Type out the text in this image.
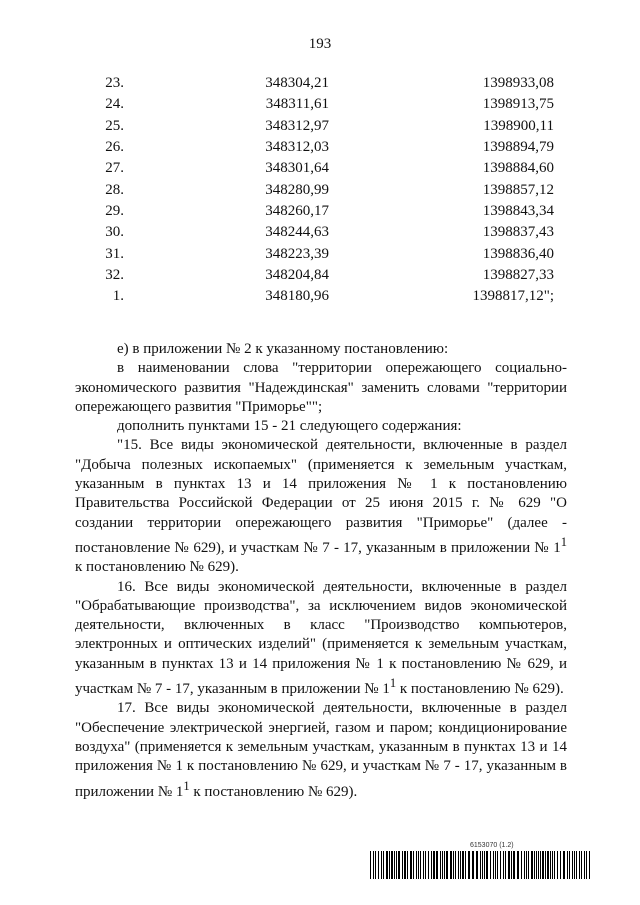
193
23.	348304,21	1398933,08
24.	348311,61	1398913,75
25.	348312,97	1398900,11
26.	348312,03	1398894,79
27.	348301,64	1398884,60
28.	348280,99	1398857,12
29.	348260,17	1398843,34
30.	348244,63	1398837,43
31.	348223,39	1398836,40
32.	348204,84	1398827,33
1.	348180,96	1398817,12";

е) в приложении № 2 к указанному постановлению:

в наименовании слова "территории опережающего социально-экономического развития "Надеждинская" заменить словами "территории опережающего развития "Приморье"";

дополнить пунктами 15 - 21 следующего содержания:

"15. Все виды экономической деятельности, включенные в раздел "Добыча полезных ископаемых" (применяется к земельным участкам, указанным в пунктах 13 и 14 приложения № 1 к постановлению Правительства Российской Федерации от 25 июня 2015 г. № 629 "О создании территории опережающего развития "Приморье" (далее - постановление № 629), и участкам № 7 - 17, указанным в приложении № $1^1$ к постановлению № 629).

16. Все виды экономической деятельности, включенные в раздел "Обрабатывающие производства", за исключением видов экономической деятельности, включенных в класс "Производство компьютеров, электронных и оптических изделий" (применяется к земельным участкам, указанным в пунктах 13 и 14 приложения № 1 к постановлению № 629, и участкам № 7 - 17, указанным в приложении № $1^1$ к постановлению № 629).

17. Все виды экономической деятельности, включенные в раздел "Обеспечение электрической энергией, газом и паром; кондиционирование воздуха" (применяется к земельным участкам, указанным в пунктах 13 и 14 приложения № 1 к постановлению № 629, и участкам № 7 - 17, указанным в приложении № $1^1$ к постановлению № 629).

6153070 (1.2)
